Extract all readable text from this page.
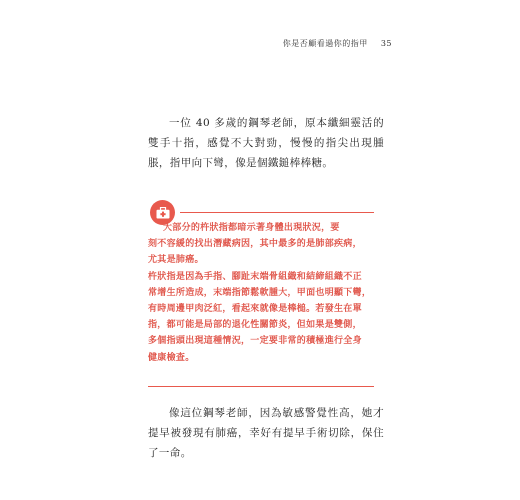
你是否顧看過你的指甲 35

一位 40 多歲的鋼琴老師，原本纖細靈活的雙手十指，感覺不大對勁，慢慢的指尖出現腫脹，指甲向下彎，像是個鐵鎚棒棒糖。

大部分的杵狀指都暗示著身體出現狀況，要
刻不容緩的找出潛藏病因，其中最多的是肺部疾病，
尤其是肺癌。
杵狀指是因為手指、腳趾末端骨組織和結締組織不正
常增生所造成，末端指節鬆軟腫大，甲面也明顯下彎，
有時周邊甲肉泛紅，看起來就像是棒槌。若發生在單
指，都可能是局部的退化性關節炎，但如果是雙側，
多個指頭出現這種情況，一定要非常的積極進行全身
健康檢查。

像這位鋼琴老師，因為敏感警覺性高，她才提早被發現有肺癌，幸好有提早手術切除，保住了一命。
